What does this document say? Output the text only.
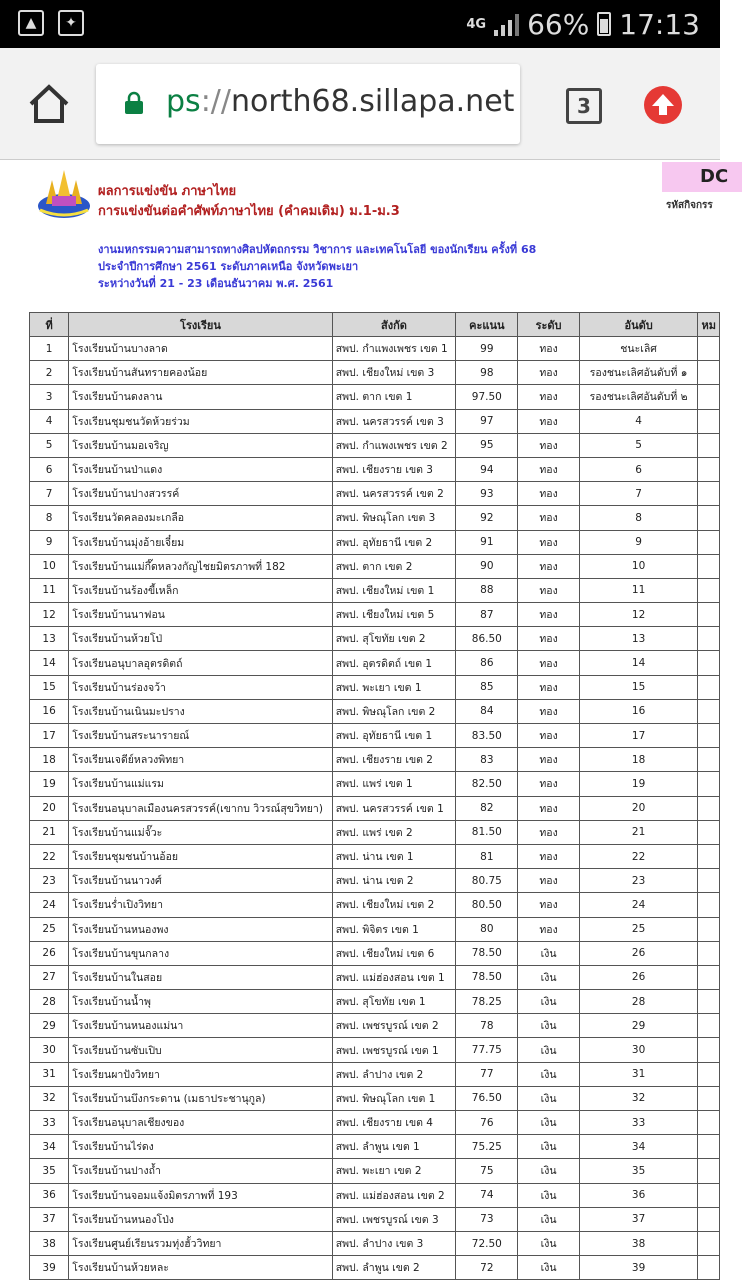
▲	✦	4G 66% 17:13
ps://north68.sillapa.net	3
ผลการแข่งขัน ภาษาไทย
การแข่งขันต่อคำศัพท์ภาษาไทย (คำคมเดิม) ม.1-ม.3
DC
รหัสกิจกรร
งานมหกรรมความสามารถทางศิลปหัตถกรรม วิชาการ และเทคโนโลยี ของนักเรียน ครั้งที่ 68
ประจำปีการศึกษา 2561 ระดับภาคเหนือ จังหวัดพะเยา
ระหว่างวันที่ 21 - 23 เดือนธันวาคม พ.ศ. 2561
ที่	โรงเรียน	สังกัด	คะแนน	ระดับ	อันดับ	หม
1	โรงเรียนบ้านบางลาด	สพป. กำแพงเพชร เขต 1	99	ทอง	ชนะเลิศ	
2	โรงเรียนบ้านสันทรายคองน้อย	สพป. เชียงใหม่ เขต 3	98	ทอง	รองชนะเลิศอันดับที่ ๑	
3	โรงเรียนบ้านดงลาน	สพป. ตาก เขต 1	97.50	ทอง	รองชนะเลิศอันดับที่ ๒	
4	โรงเรียนชุมชนวัดห้วยร่วม	สพป. นครสวรรค์ เขต 3	97	ทอง	4	
5	โรงเรียนบ้านมอเจริญ	สพป. กำแพงเพชร เขต 2	95	ทอง	5	
6	โรงเรียนบ้านป่าแดง	สพป. เชียงราย เขต 3	94	ทอง	6	
7	โรงเรียนบ้านปางสวรรค์	สพป. นครสวรรค์ เขต 2	93	ทอง	7	
8	โรงเรียนวัดคลองมะเกลือ	สพป. พิษณุโลก เขต 3	92	ทอง	8	
9	โรงเรียนบ้านมุ่งอ้ายเจี๋ยม	สพป. อุทัยธานี เขต 2	91	ทอง	9	
10	โรงเรียนบ้านแม่กึ๊ดหลวงกัญไชยมิตรภาพที่ 182	สพป. ตาก เขต 2	90	ทอง	10	
11	โรงเรียนบ้านร้องขี้เหล็ก	สพป. เชียงใหม่ เขต 1	88	ทอง	11	
12	โรงเรียนบ้านนาฟอน	สพป. เชียงใหม่ เขต 5	87	ทอง	12	
13	โรงเรียนบ้านห้วยโป่	สพป. สุโขทัย เขต 2	86.50	ทอง	13	
14	โรงเรียนอนุบาลอุตรดิตถ์	สพป. อุตรดิตถ์ เขต 1	86	ทอง	14	
15	โรงเรียนบ้านร่องจว้า	สพป. พะเยา เขต 1	85	ทอง	15	
16	โรงเรียนบ้านเนินมะปราง	สพป. พิษณุโลก เขต 2	84	ทอง	16	
17	โรงเรียนบ้านสระนารายณ์	สพป. อุทัยธานี เขต 1	83.50	ทอง	17	
18	โรงเรียนเจดีย์หลวงพิทยา	สพป. เชียงราย เขต 2	83	ทอง	18	
19	โรงเรียนบ้านแม่แรม	สพป. แพร่ เขต 1	82.50	ทอง	19	
20	โรงเรียนอนุบาลเมืองนครสวรรค์(เขากบ วิวรณ์สุขวิทยา)	สพป. นครสวรรค์ เขต 1	82	ทอง	20	
21	โรงเรียนบ้านแม่จั๊วะ	สพป. แพร่ เขต 2	81.50	ทอง	21	
22	โรงเรียนชุมชนบ้านอ้อย	สพป. น่าน เขต 1	81	ทอง	22	
23	โรงเรียนบ้านนาวงศ์	สพป. น่าน เขต 2	80.75	ทอง	23	
24	โรงเรียนร่ำเปิงวิทยา	สพป. เชียงใหม่ เขต 2	80.50	ทอง	24	
25	โรงเรียนบ้านหนองพง	สพป. พิจิตร เขต 1	80	ทอง	25	
26	โรงเรียนบ้านขุนกลาง	สพป. เชียงใหม่ เขต 6	78.50	เงิน	26	
27	โรงเรียนบ้านในสอย	สพป. แม่ฮ่องสอน เขต 1	78.50	เงิน	26	
28	โรงเรียนบ้านน้ำพุ	สพป. สุโขทัย เขต 1	78.25	เงิน	28	
29	โรงเรียนบ้านหนองแม่นา	สพป. เพชรบูรณ์ เขต 2	78	เงิน	29	
30	โรงเรียนบ้านซับเปิบ	สพป. เพชรบูรณ์ เขต 1	77.75	เงิน	30	
31	โรงเรียนผาปังวิทยา	สพป. ลำปาง เขต 2	77	เงิน	31	
32	โรงเรียนบ้านบึงกระดาน (เมธาประชานุกูล)	สพป. พิษณุโลก เขต 1	76.50	เงิน	32	
33	โรงเรียนอนุบาลเชียงของ	สพป. เชียงราย เขต 4	76	เงิน	33	
34	โรงเรียนบ้านไร่ดง	สพป. ลำพูน เขต 1	75.25	เงิน	34	
35	โรงเรียนบ้านปางถ้ำ	สพป. พะเยา เขต 2	75	เงิน	35	
36	โรงเรียนบ้านจอมแจ้งมิตรภาพที่ 193	สพป. แม่ฮ่องสอน เขต 2	74	เงิน	36	
37	โรงเรียนบ้านหนองโป่ง	สพป. เพชรบูรณ์ เขต 3	73	เงิน	37	
38	โรงเรียนศูนย์เรียนรวมทุ่งฮั้ววิทยา	สพป. ลำปาง เขต 3	72.50	เงิน	38	
39	โรงเรียนบ้านห้วยหละ	สพป. ลำพูน เขต 2	72	เงิน	39	
